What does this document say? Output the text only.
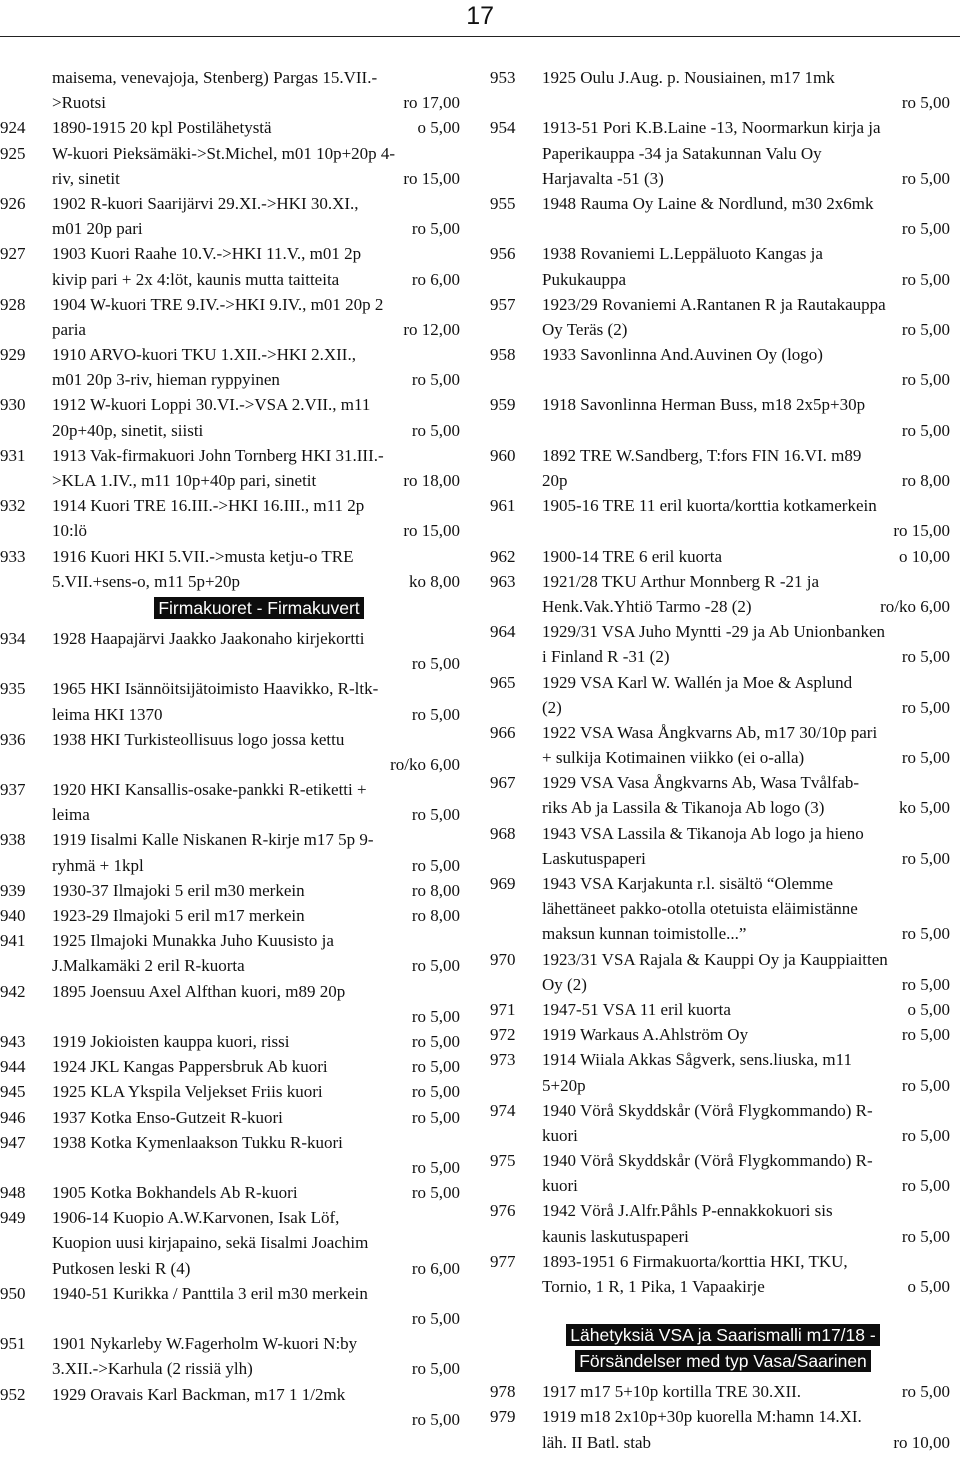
17
maisema, venevajoja, Stenberg) Pargas 15.VII.-
>Ruotsi	ro 17,00
924 1890-1915 20 kpl Postilähetystä	o 5,00
925 W-kuori Pieksämäki->St.Michel, m01 10p+20p 4-
riv, sinetit	ro 15,00
926 1902 R-kuori Saarijärvi 29.XI.->HKI 30.XI.,
m01 20p pari	ro 5,00
927 1903 Kuori Raahe 10.V.->HKI 11.V., m01 2p
kivip pari + 2x 4:löt, kaunis mutta taitteita	ro 6,00
928 1904 W-kuori TRE 9.IV.->HKI 9.IV., m01 20p 2
paria	ro 12,00
929 1910 ARVO-kuori TKU 1.XII.->HKI 2.XII.,
m01 20p 3-riv, hieman ryppyinen	ro 5,00
930 1912 W-kuori Loppi 30.VI.->VSA 2.VII., m11
20p+40p, sinetit, siisti	ro 5,00
931 1913 Vak-firmakuori John Tornberg HKI 31.III.-
>KLA 1.IV., m11 10p+40p pari, sinetit	ro 18,00
932 1914 Kuori TRE 16.III.->HKI 16.III., m11 2p
10:lö	ro 15,00
933 1916 Kuori HKI 5.VII.->musta ketju-o TRE
5.VII.+sens-o, m11 5p+20p	ko 8,00
Firmakuoret - Firmakuvert
934 1928 Haapajärvi Jaakko Jaakonaho kirjekortti
ro 5,00
935 1965 HKI Isännöitsijätoimisto Haavikko, R-ltk-
leima HKI 1370	ro 5,00
936 1938 HKI Turkisteollisuus logo jossa kettu
ro/ko 6,00
937 1920 HKI Kansallis-osake-pankki R-etiketti +
leima	ro 5,00
938 1919 Iisalmi Kalle Niskanen R-kirje m17 5p 9-
ryhmä + 1kpl	ro 5,00
939 1930-37 Ilmajoki 5 eril m30 merkein	ro 8,00
940 1923-29 Ilmajoki 5 eril m17 merkein	ro 8,00
941 1925 Ilmajoki Munakka Juho Kuusisto ja
J.Malkamäki 2 eril R-kuorta	ro 5,00
942 1895 Joensuu Axel Alfthan kuori, m89 20p
ro 5,00
943 1919 Jokioisten kauppa kuori, rissi	ro 5,00
944 1924 JKL Kangas Pappersbruk Ab kuori	ro 5,00
945 1925 KLA Ykspila Veljekset Friis kuori	ro 5,00
946 1937 Kotka Enso-Gutzeit R-kuori	ro 5,00
947 1938 Kotka Kymenlaakson Tukku R-kuori
ro 5,00
948 1905 Kotka Bokhandels Ab R-kuori	ro 5,00
949 1906-14 Kuopio A.W.Karvonen, Isak Löf,
Kuopion uusi kirjapaino, sekä Iisalmi Joachim
Putkosen leski R (4)	ro 6,00
950 1940-51 Kurikka / Panttila 3 eril m30 merkein
ro 5,00
951 1901 Nykarleby W.Fagerholm W-kuori N:by
3.XII.->Karhula (2 rissiä ylh)	ro 5,00
952 1929 Oravais Karl Backman, m17 1 1/2mk
ro 5,00
953 1925 Oulu J.Aug. p. Nousiainen, m17 1mk
ro 5,00
954 1913-51 Pori K.B.Laine -13, Noormarkun kirja ja
Paperikauppa -34 ja Satakunnan Valu Oy
Harjavalta -51 (3)	ro 5,00
955 1948 Rauma Oy Laine & Nordlund, m30 2x6mk
ro 5,00
956 1938 Rovaniemi L.Leppäluoto Kangas ja
Pukukauppa	ro 5,00
957 1923/29 Rovaniemi A.Rantanen R ja Rautakauppa
Oy Teräs (2)	ro 5,00
958 1933 Savonlinna And.Auvinen Oy (logo)
ro 5,00
959 1918 Savonlinna Herman Buss, m18 2x5p+30p
ro 5,00
960 1892 TRE W.Sandberg, T:fors FIN 16.VI. m89
20p	ro 8,00
961 1905-16 TRE 11 eril kuorta/korttia kotkamerkein
ro 15,00
962 1900-14 TRE 6 eril kuorta	o 10,00
963 1921/28 TKU Arthur Monnberg R -21 ja
Henk.Vak.Yhtiö Tarmo -28 (2)	ro/ko 6,00
964 1929/31 VSA Juho Myntti -29 ja Ab Unionbanken
i Finland R -31 (2)	ro 5,00
965 1929 VSA Karl W. Wallén ja Moe & Asplund
(2)	ro 5,00
966 1922 VSA Wasa Ångkvarns Ab, m17 30/10p pari
+ sulkija Kotimainen viikko (ei o-alla)	ro 5,00
967 1929 VSA Vasa Ångkvarns Ab, Wasa Tvålfab-
riks Ab ja Lassila & Tikanoja Ab logo (3)	ko 5,00
968 1943 VSA Lassila & Tikanoja Ab logo ja hieno
Laskutuspaperi	ro 5,00
969 1943 VSA Karjakunta r.l. sisältö “Olemme
lähettäneet pakko-otolla otetuista eläimistänne
maksun kunnan toimistolle...”	ro 5,00
970 1923/31 VSA Rajala & Kauppi Oy ja Kauppiaitten
Oy (2)	ro 5,00
971 1947-51 VSA 11 eril kuorta	o 5,00
972 1919 Warkaus A.Ahlström Oy	ro 5,00
973 1914 Wiiala Akkas Sågverk, sens.liuska, m11
5+20p	ro 5,00
974 1940 Vörå Skyddskår (Vörå Flygkommando) R-
kuori	ro 5,00
975 1940 Vörå Skyddskår (Vörå Flygkommando) R-
kuori	ro 5,00
976 1942 Vörå J.Alfr.Påhls P-ennakkokuori sis
kaunis laskutuspaperi	ro 5,00
977 1893-1951 6 Firmakuorta/korttia HKI, TKU,
Tornio, 1 R, 1 Pika, 1 Vapaakirje	o 5,00
Lähetyksiä VSA ja Saarismalli m17/18 -
Försändelser med typ Vasa/Saarinen
978 1917 m17 5+10p kortilla TRE 30.XII.	ro 5,00
979 1919 m18 2x10p+30p kuorella M:hamn 14.XI.
läh. II Batl. stab	ro 10,00
